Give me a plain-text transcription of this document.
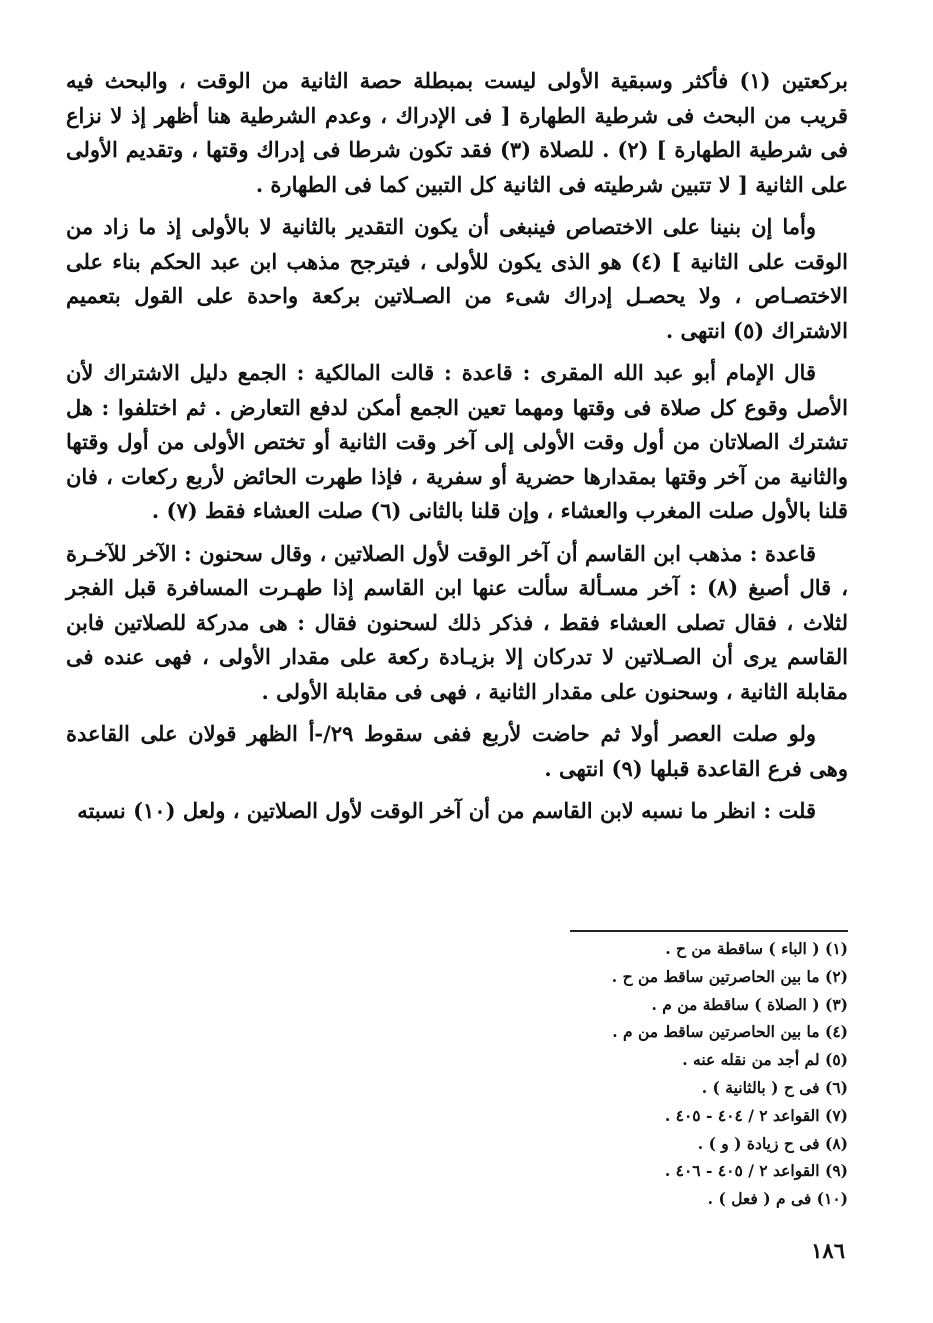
بركعتين (١) فأكثر وسبقية الأولى ليست بمبطلة حصة الثانية من الوقت ، والبحث فيه قريب من البحث فى شرطية الطهارة [ فى الإدراك ، وعدم الشرطية هنا أظهر إذ لا نزاع فى شرطية الطهارة ] (٢) . للصلاة (٣) فقد تكون شرطا فى إدراك وقتها ، وتقديم الأولى على الثانية [ لا تتبين شرطيته فى الثانية كل التبين كما فى الطهارة .

وأما إن بنينا على الاختصاص فينبغى أن يكون التقدير بالثانية لا بالأولى إذ ما زاد من الوقت على الثانية ] (٤) هو الذى يكون للأولى ، فيترجح مذهب ابن عبد الحكم بناء على الاختصـاص ، ولا يحصـل إدراك شىء من الصـلاتين بركعة واحدة على القول بتعميم الاشتراك (٥) انتهى .

قال الإمام أبو عبد الله المقرى : قاعدة : قالت المالكية : الجمع دليل الاشتراك لأن الأصل وقوع كل صلاة فى وقتها ومهما تعين الجمع أمكن لدفع التعارض . ثم اختلفوا : هل تشترك الصلاتان من أول وقت الأولى إلى آخر وقت الثانية أو تختص الأولى من أول وقتها والثانية من آخر وقتها بمقدارها حضرية أو سفرية ، فإذا طهرت الحائض لأربع ركعات ، فان قلنا بالأول صلت المغرب والعشاء ، وإن قلنا بالثانى (٦) صلت العشاء فقط (٧) .

قاعدة : مذهب ابن القاسم أن آخر الوقت لأول الصلاتين ، وقال سحنون : الآخر للآخـرة ، قال أصبغ (٨) : آخر مسـألة سألت عنها ابن القاسم إذا طهـرت المسافرة قبل الفجر لثلاث ، فقال تصلى العشاء فقط ، فذكر ذلك لسحنون فقال : هى مدركة للصلاتين فابن القاسم يرى أن الصـلاتين لا تدركان إلا بزيـادة ركعة على مقدار الأولى ، فهى عنده فى مقابلة الثانية ، وسحنون على مقدار الثانية ، فهى فى مقابلة الأولى .

ولو صلت العصر أولا ثم حاضت لأربع ففى سقوط ٢٩/-أ الظهر قولان على القاعدة وهى فرع القاعدة قبلها (٩) انتهى .

قلت : انظر ما نسبه لابن القاسم من أن آخر الوقت لأول الصلاتين ، ولعل (١٠) نسبته

(١) ( الباء ) ساقطة من ح .
(٢) ما بين الحاصرتين ساقط من ح .
(٣) ( الصلاة ) ساقطة من م .
(٤) ما بين الحاصرتين ساقط من م .
(٥) لم أجد من نقله عنه .
(٦) فى ح ( بالثانية ) .
(٧) القواعد ٢ / ٤٠٤ - ٤٠٥ .
(٨) فى ح زيادة ( و ) .
(٩) القواعد ٢ / ٤٠٥ - ٤٠٦ .
(١٠) فى م ( فعل ) .
١٨٦
